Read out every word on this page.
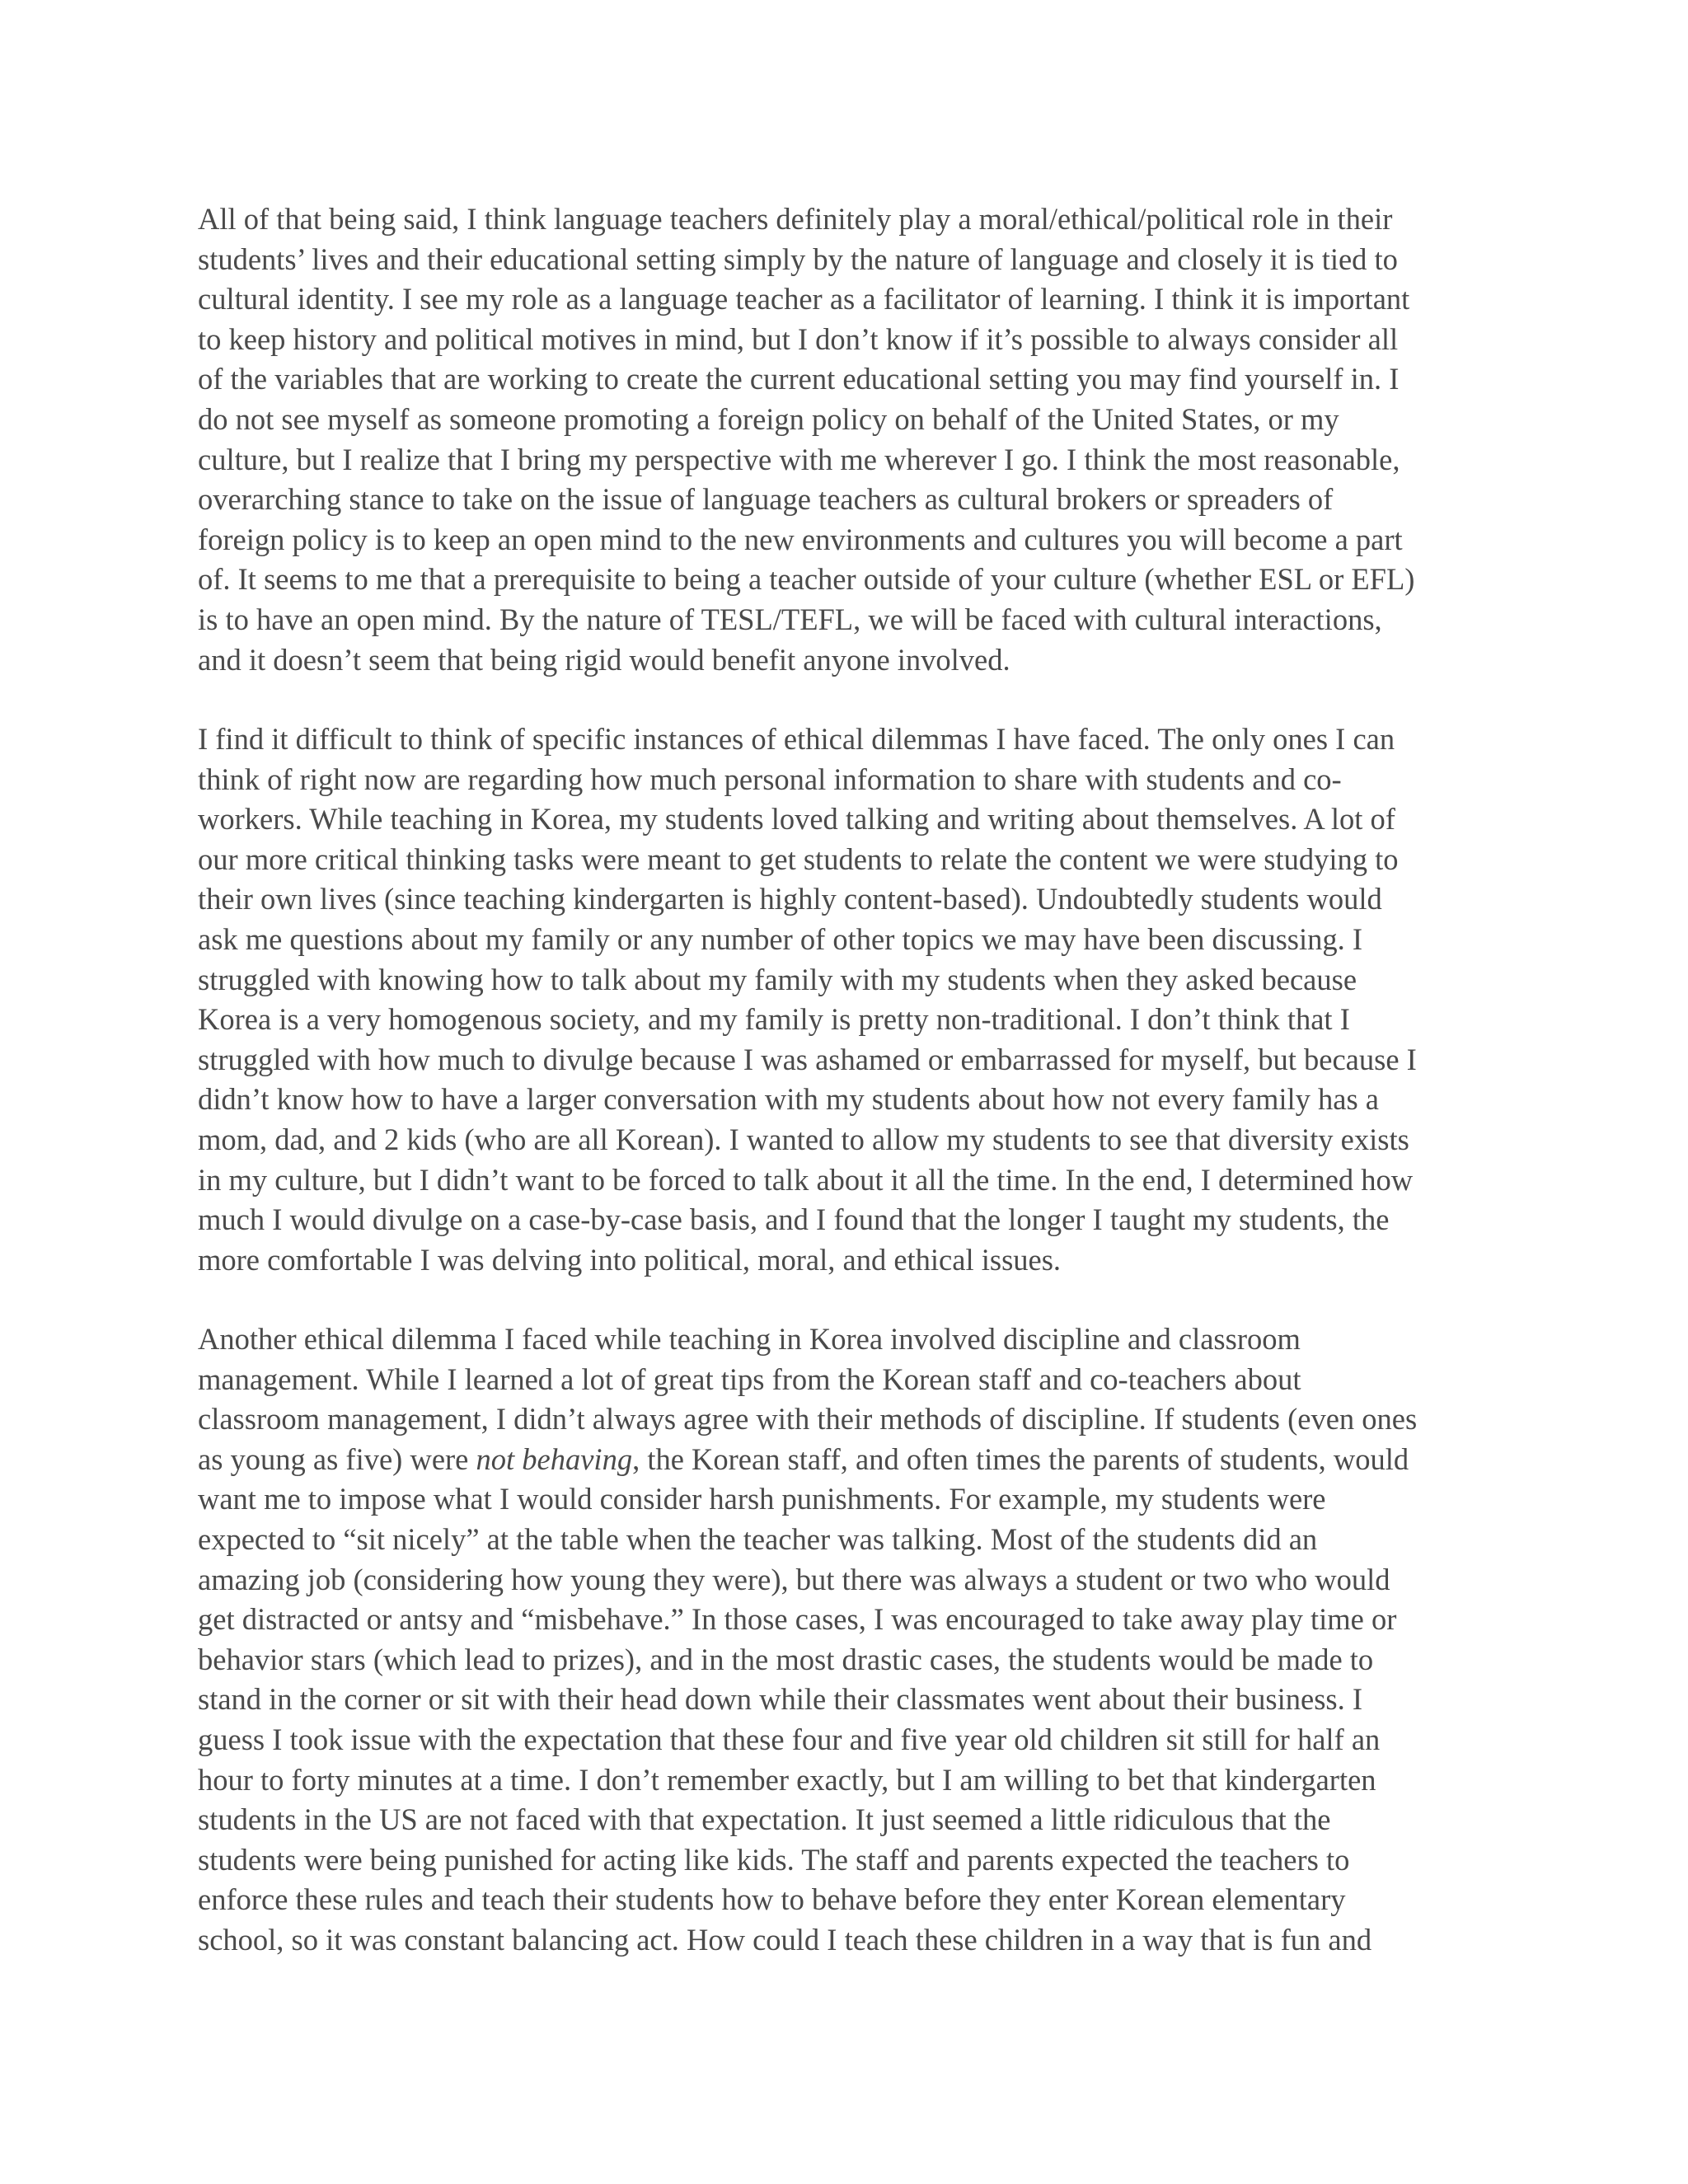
All of that being said, I think language teachers definitely play a moral/ethical/political role in their
students’ lives and their educational setting simply by the nature of language and closely it is tied to
cultural identity. I see my role as a language teacher as a facilitator of learning. I think it is important
to keep history and political motives in mind, but I don’t know if it’s possible to always consider all
of the variables that are working to create the current educational setting you may find yourself in. I
do not see myself as someone promoting a foreign policy on behalf of the United States, or my
culture, but I realize that I bring my perspective with me wherever I go. I think the most reasonable,
overarching stance to take on the issue of language teachers as cultural brokers or spreaders of
foreign policy is to keep an open mind to the new environments and cultures you will become a part
of. It seems to me that a prerequisite to being a teacher outside of your culture (whether ESL or EFL)
is to have an open mind. By the nature of TESL/TEFL, we will be faced with cultural interactions,
and it doesn’t seem that being rigid would benefit anyone involved.
I find it difficult to think of specific instances of ethical dilemmas I have faced. The only ones I can
think of right now are regarding how much personal information to share with students and co-
workers. While teaching in Korea, my students loved talking and writing about themselves. A lot of
our more critical thinking tasks were meant to get students to relate the content we were studying to
their own lives (since teaching kindergarten is highly content-based). Undoubtedly students would
ask me questions about my family or any number of other topics we may have been discussing. I
struggled with knowing how to talk about my family with my students when they asked because
Korea is a very homogenous society, and my family is pretty non-traditional. I don’t think that I
struggled with how much to divulge because I was ashamed or embarrassed for myself, but because I
didn’t know how to have a larger conversation with my students about how not every family has a
mom, dad, and 2 kids (who are all Korean). I wanted to allow my students to see that diversity exists
in my culture, but I didn’t want to be forced to talk about it all the time. In the end, I determined how
much I would divulge on a case-by-case basis, and I found that the longer I taught my students, the
more comfortable I was delving into political, moral, and ethical issues.
Another ethical dilemma I faced while teaching in Korea involved discipline and classroom
management. While I learned a lot of great tips from the Korean staff and co-teachers about
classroom management, I didn’t always agree with their methods of discipline. If students (even ones
as young as five) were not behaving, the Korean staff, and often times the parents of students, would
want me to impose what I would consider harsh punishments. For example, my students were
expected to “sit nicely” at the table when the teacher was talking. Most of the students did an
amazing job (considering how young they were), but there was always a student or two who would
get distracted or antsy and “misbehave.” In those cases, I was encouraged to take away play time or
behavior stars (which lead to prizes), and in the most drastic cases, the students would be made to
stand in the corner or sit with their head down while their classmates went about their business. I
guess I took issue with the expectation that these four and five year old children sit still for half an
hour to forty minutes at a time. I don’t remember exactly, but I am willing to bet that kindergarten
students in the US are not faced with that expectation. It just seemed a little ridiculous that the
students were being punished for acting like kids. The staff and parents expected the teachers to
enforce these rules and teach their students how to behave before they enter Korean elementary
school, so it was constant balancing act. How could I teach these children in a way that is fun and
